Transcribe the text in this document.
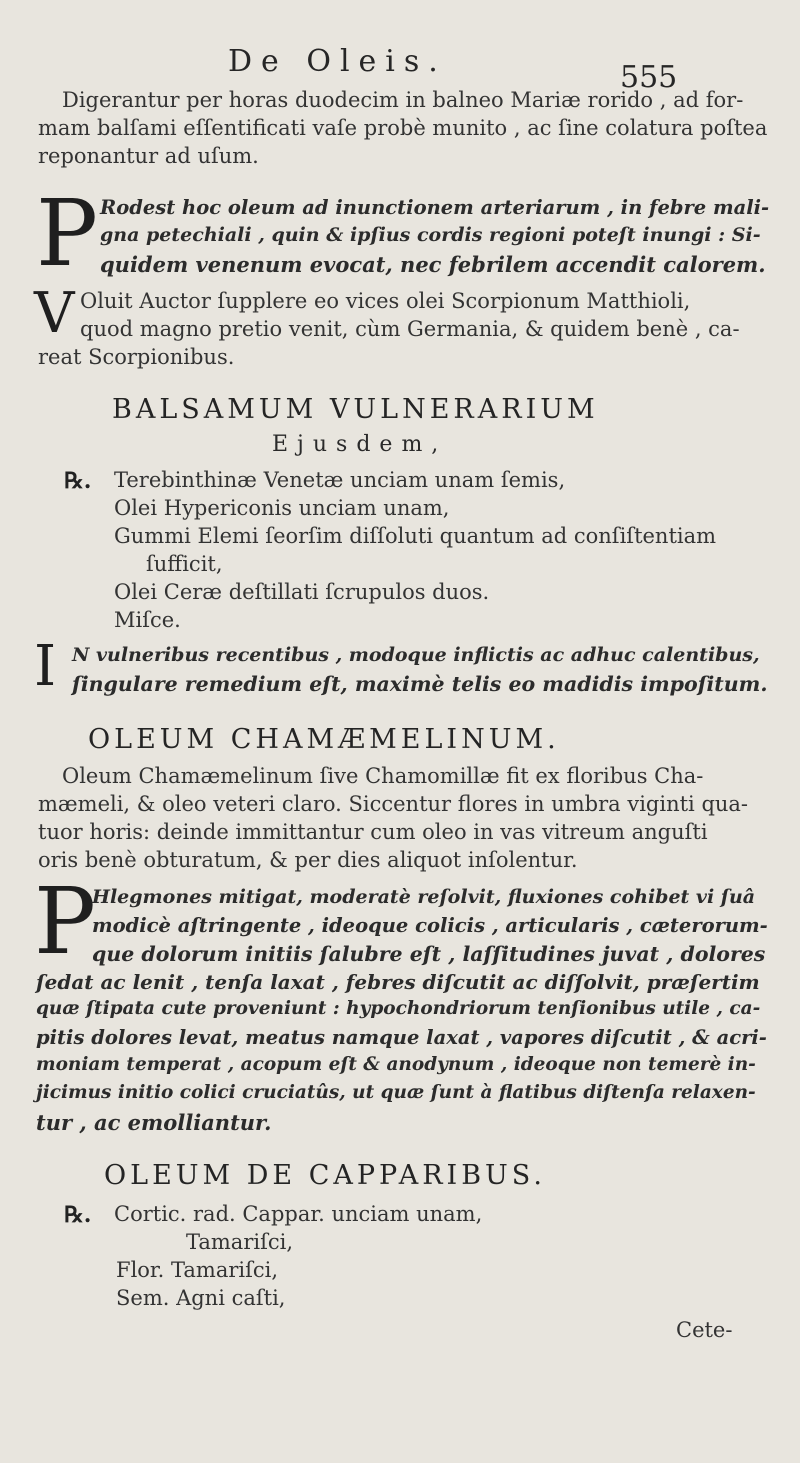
De Oleis.	555
Digerantur per horas duodecim in balneo Mariæ rorido , ad for-
mam balſami eſſentificati vaſe probè munito , ac ſine colatura poſtea
reponantur ad uſum.
P Rodest hoc oleum ad inunctionem arteriarum , in febre mali-
gna petechiali , quin & ipſius cordis regioni poteſt inungi : Si-
quidem venenum evocat, nec febrilem accendit calorem.
V Oluit Auctor ſupplere eo vices olei Scorpionum Matthioli,
quod magno pretio venit, cùm Germania, & quidem benè , ca-
reat Scorpionibus.
BALSAMUM VULNERARIUM
Ejusdem,
℞. Terebinthinæ Venetæ unciam unam ſemis,
Olei Hypericonis unciam unam,
Gummi Elemi ſeorſim diſſoluti quantum ad conſiſtentiam
ſufficit,
Olei Ceræ deſtillati ſcrupulos duos.
Miſce.
I N vulneribus recentibus , modoque inflictis ac adhuc calentibus,
ſingulare remedium eſt, maximè telis eo madidis impoſitum.
OLEUM CHAMÆMELINUM.
Oleum Chamæmelinum ſive Chamomillæ fit ex floribus Cha-
mæmeli, & oleo veteri claro. Siccentur flores in umbra viginti qua-
tuor horis: deinde immittantur cum oleo in vas vitreum anguſti
oris benè obturatum, & per dies aliquot inſolentur.
P
Hlegmones mitigat, moderatè reſolvit, fluxiones cohibet vi ſuâ
modicè aſtringente , ideoque colicis , articularis , cæterorum-
que dolorum initiis ſalubre eſt , laſſitudines juvat , dolores
ſedat ac lenit , tenſa laxat , febres diſcutit ac diſſolvit, præſertim
quæ ſtipata cute proveniunt : hypochondriorum tenſionibus utile , ca-
pitis dolores levat, meatus namque laxat , vapores diſcutit , & acri-
moniam temperat , acopum eſt & anodynum , ideoque non temerè in-
jicimus initio colici cruciatûs, ut quæ ſunt à flatibus diſtenſa relaxen-
tur , ac emolliantur.
OLEUM DE CAPPARIBUS.
℞. Cortic. rad. Cappar. unciam unam,
Tamariſci,
Flor. Tamariſci,
Sem. Agni caſti,
Cete-
